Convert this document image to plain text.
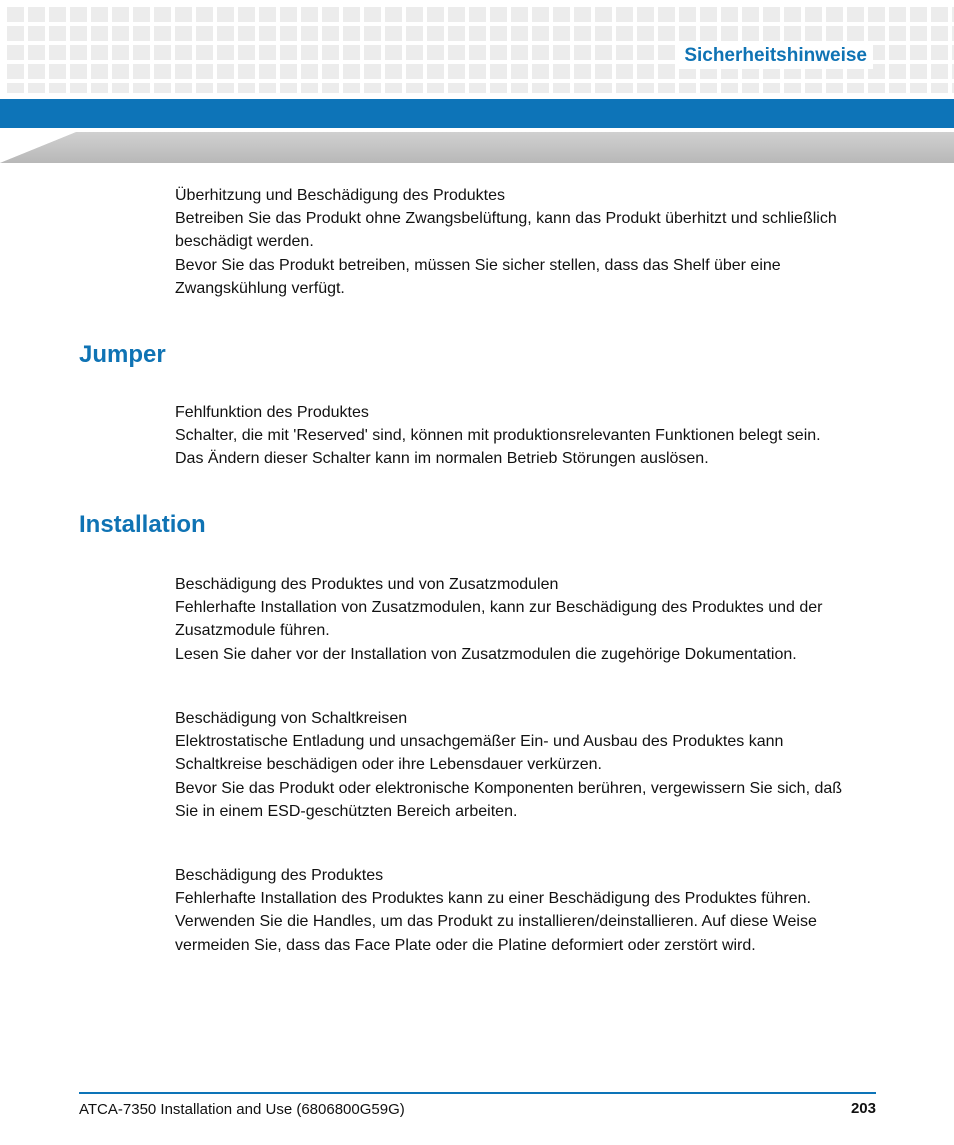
Sicherheitshinweise

Überhitzung und Beschädigung des Produktes

Betreiben Sie das Produkt ohne Zwangsbelüftung, kann das Produkt überhitzt und schließlich

beschädigt werden.

Bevor Sie das Produkt betreiben, müssen Sie sicher stellen, dass das Shelf über eine

Zwangskühlung verfügt.

Jumper

Fehlfunktion des Produktes

Schalter, die mit 'Reserved' sind, können mit produktionsrelevanten Funktionen belegt sein.

Das Ändern dieser Schalter kann im normalen Betrieb Störungen auslösen.

Installation

Beschädigung des Produktes und von Zusatzmodulen

Fehlerhafte Installation von Zusatzmodulen, kann zur Beschädigung des Produktes und der

Zusatzmodule führen.

Lesen Sie daher vor der Installation von Zusatzmodulen die zugehörige Dokumentation.

Beschädigung von Schaltkreisen

Elektrostatische Entladung und unsachgemäßer Ein- und Ausbau des Produktes kann

Schaltkreise beschädigen oder ihre Lebensdauer verkürzen.

Bevor Sie das Produkt oder elektronische Komponenten berühren, vergewissern Sie sich, daß

Sie in einem ESD-geschützten Bereich arbeiten.

Beschädigung des Produktes

Fehlerhafte Installation des Produktes kann zu einer Beschädigung des Produktes führen.

Verwenden Sie die Handles, um das Produkt zu installieren/deinstallieren. Auf diese Weise

vermeiden Sie, dass das Face Plate oder die Platine deformiert oder zerstört wird.

ATCA-7350 Installation and Use (6806800G59G)	203
